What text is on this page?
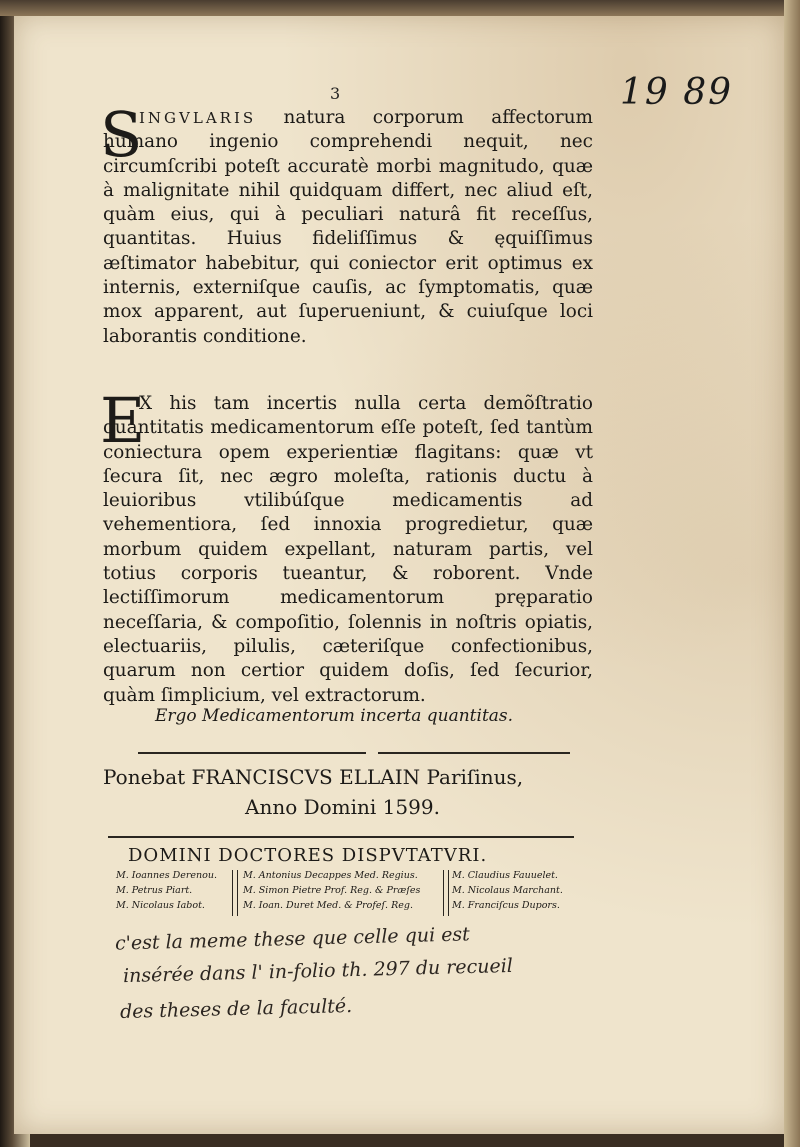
3	19 89
S
INGVLARIS natura corporum affectorum humano ingenio comprehendi nequit, nec circumſcribi poteſt accuratè morbi magnitudo, quæ à malignitate nihil quidquam differt, nec aliud eſt, quàm eius, qui à peculiari naturâ fit receſſus, quantitas. Huius fideliſſimus & ęquiſſimus æſtimator habebitur, qui coniector erit optimus ex internis, externiſque cauſis, ac ſymptomatis, quæ mox apparent, aut ſuperueniunt, & cuiuſque loci laborantis conditione.
E
X his tam incertis nulla certa demõſtratio quantitatis medicamentorum eſſe poteſt, ſed tantùm coniectura opem experientiæ flagitans: quæ vt ſecura ſit, nec ægro moleſta, rationis ductu à leuioribus vtilibúſque medicamentis ad vehementiora, ſed innoxia progredietur, quæ morbum quidem expellant, naturam partis, vel totius corporis tueantur, & roborent. Vnde lectiſſimorum medicamentorum pręparatio neceſſaria, & compoſitio, ſolennis in noſtris opiatis, electuariis, pilulis, cæteriſque confectionibus, quarum non certior quidem doſis, ſed ſecurior, quàm ſimplicium, vel extractorum.
Ergo Medicamentorum incerta quantitas.
Ponebat FRANCISCVS ELLAIN Pariſinus,
Anno Domini 1599.
DOMINI DOCTORES DISPVTATVRI.
M. Ioannes Derenou.
M. Petrus Piart.
M. Nicolaus Iabot.
M. Antonius Decappes Med. Regius.
M. Simon Pietre Prof. Reg. & Præſes
M. Ioan. Duret Med. & Profeſ. Reg.
M. Claudius Fauuelet.
M. Nicolaus Marchant.
M. Franciſcus Dupors.
c'est la meme these que celle qui est
insérée dans l' in-folio th. 297 du recueil
des theses de la faculté.
